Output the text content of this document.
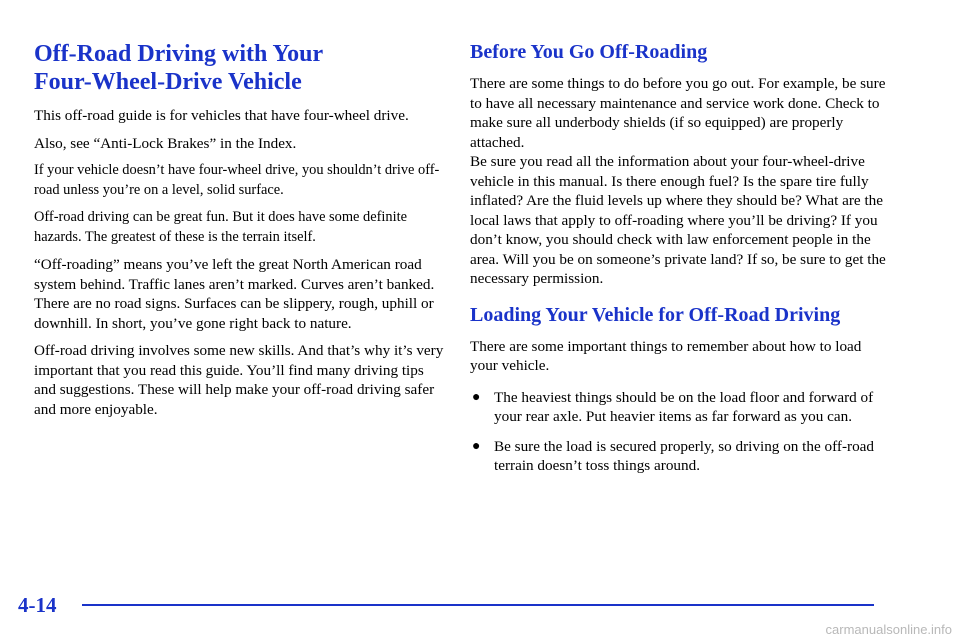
Off-Road Driving with Your
Four-Wheel-Drive Vehicle

This off-road guide is for vehicles that have four-wheel drive.

Also, see “Anti-Lock Brakes” in the Index.

If your vehicle doesn’t have four-wheel drive, you shouldn’t drive off-road unless you’re on a level, solid surface.

Off-road driving can be great fun. But it does have some definite hazards. The greatest of these is the terrain itself.

“Off-roading” means you’ve left the great North American road system behind. Traffic lanes aren’t marked. Curves aren’t banked. There are no road signs. Surfaces can be slippery, rough, uphill or downhill. In short, you’ve gone right back to nature.

Off-road driving involves some new skills. And that’s why it’s very important that you read this guide. You’ll find many driving tips and suggestions. These will help make your off-road driving safer and more enjoyable.

Before You Go Off-Roading

There are some things to do before you go out. For example, be sure to have all necessary maintenance and service work done. Check to make sure all underbody shields (if so equipped) are properly attached.

Be sure you read all the information about your four-wheel-drive vehicle in this manual. Is there enough fuel? Is the spare tire fully inflated? Are the fluid levels up where they should be? What are the local laws that apply to off-roading where you’ll be driving? If you don’t know, you should check with law enforcement people in the area. Will you be on someone’s private land? If so, be sure to get the necessary permission.

Loading Your Vehicle for Off-Road Driving

There are some important things to remember about how to load your vehicle.

● The heaviest things should be on the load floor and forward of your rear axle. Put heavier items as far forward as you can.
● Be sure the load is secured properly, so driving on the off-road terrain doesn’t toss things around.
4-14
carmanualsonline.info
